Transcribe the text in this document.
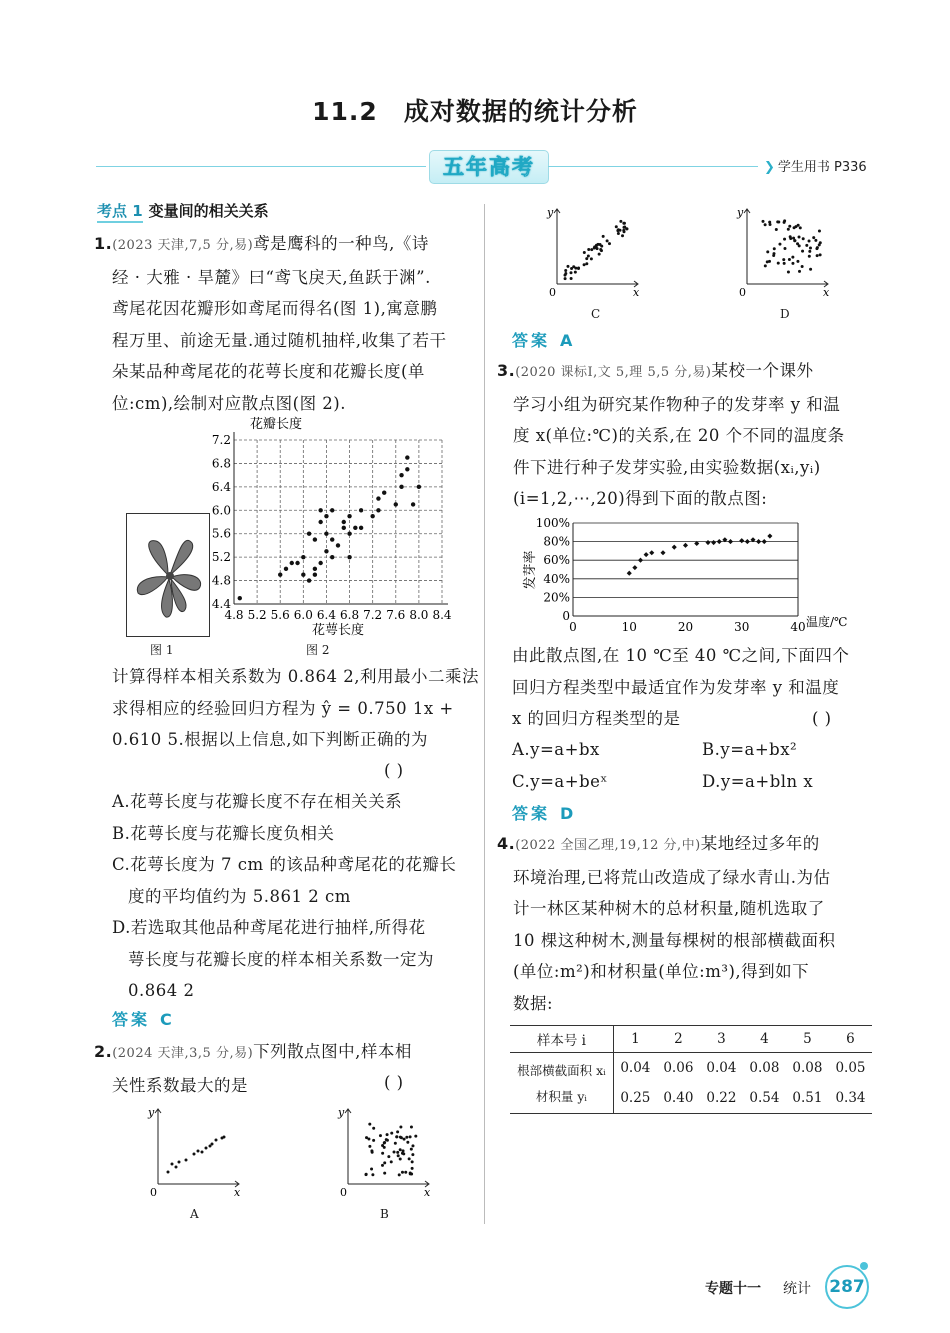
11.2 成对数据的统计分析
五年高考	❯ 学生用书 P336
考点 1 变量间的相关关系
1.(2023 天津,7,5 分,易)鸢是鹰科的一种鸟,《诗
经 · 大雅 · 旱麓》曰“鸢飞戾天,鱼跃于渊”.
鸢尾花因花瓣形如鸢尾而得名(图 1),寓意鹏
程万里、前途无量.通过随机抽样,收集了若干
朵某品种鸢尾花的花萼长度和花瓣长度(单
位:cm),绘制对应散点图(图 2).
图 1
4.8 5.2 5.6 6.0 6.4 6.8 7.2 7.6 8.0 8.4
4.4
4.8
5.2
5.6
6.0
6.4
6.8
7.2
花瓣长度
花萼长度
图 2
计算得样本相关系数为 0.864 2,利用最小二乘法
求得相应的经验回归方程为 ŷ = 0.750 1x +
0.610 5.根据以上信息,如下判断正确的为
( )
A.花萼长度与花瓣长度不存在相关关系
B.花萼长度与花瓣长度负相关
C.花萼长度为 7 cm 的该品种鸢尾花的花瓣长
度的平均值约为 5.861 2 cm
D.若选取其他品种鸢尾花进行抽样,所得花
萼长度与花瓣长度的样本相关系数一定为
0.864 2
答案 C
2.(2024 天津,3,5 分,易)下列散点图中,样本相
关性系数最大的是	( )
0	x
y
A
0	x
y
B
0	x
y
C
0	x
y
D
答案 A
3.(2020 课标Ⅰ,文 5,理 5,5 分,易)某校一个课外
学习小组为研究某作物种子的发芽率 y 和温
度 x(单位:℃)的关系,在 20 个不同的温度条
件下进行种子发芽实验,由实验数据(xᵢ,yᵢ)
(i=1,2,⋯,20)得到下面的散点图:
0
20%
40%
60%
80%
100%
0	10	20	30	40 温度/℃
发芽率
由此散点图,在 10 ℃至 40 ℃之间,下面四个
回归方程类型中最适宜作为发芽率 y 和温度
x 的回归方程类型的是	( )
A.y=a+bx	B.y=a+bx²
C.y=a+beˣ	D.y=a+bln x
答案 D
4.(2022 全国乙理,19,12 分,中)某地经过多年的
环境治理,已将荒山改造成了绿水青山.为估
计一林区某种树木的总材积量,随机选取了
10 棵这种树木,测量每棵树的根部横截面积
(单位:m²)和材积量(单位:m³),得到如下
数据:
样本号 i	1	2	3	4	5	6
根部横截面积 xᵢ	0.04	0.06	0.04	0.08	0.08	0.05
材积量 yᵢ	0.25	0.40	0.22	0.54	0.51	0.34
专题十一 统计 287
